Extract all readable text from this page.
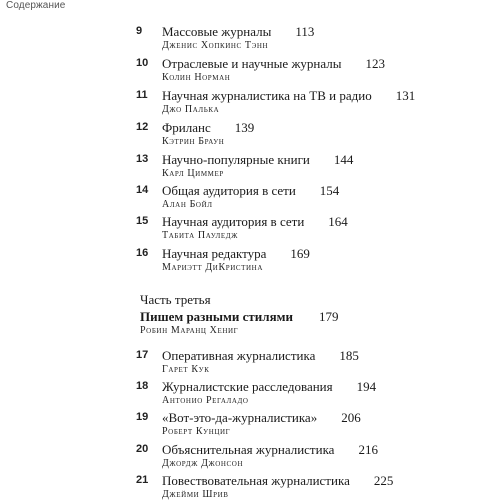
Содержание
9 Массовые журналы 113
Дженис Хопкинс Тэнн
10 Отраслевые и научные журналы 123
Колин Норман
11 Научная журналистика на ТВ и радио 131
Джо Палька
12 Фриланс 139
Кэтрин Браун
13 Научно-популярные книги 144
Карл Циммер
14 Общая аудитория в сети 154
Алан Бойл
15 Научная аудитория в сети 164
Табита Пауледж
16 Научная редактура 169
Мариэтт ДиКристина
Часть третья
Пишем разными стилями 179
Робин Маранц Хениг
17 Оперативная журналистика 185
Гарет Кук
18 Журналистские расследования 194
Антонио Регаладо
19 «Вот-это-да-журналистика» 206
Роберт Кунциг
20 Объяснительная журналистика 216
Джордж Джонсон
21 Повествовательная журналистика 225
Джейми Шрив
